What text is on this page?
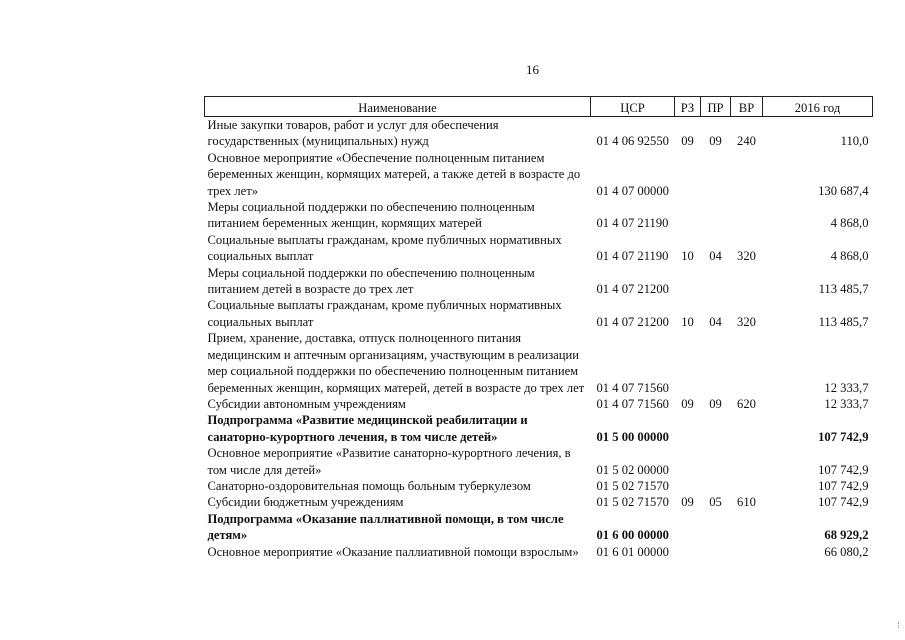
16
Наименование	ЦСР	РЗ	ПР	ВР	2016 год
Иные закупки товаров, работ и услуг для обеспечения государственных (муниципальных) нужд	01 4 06 92550	09	09	240	110,0
Основное мероприятие «Обеспечение полноценным питанием беременных женщин, кормящих матерей, а также детей в возрасте до трех лет»	01 4 07 00000				130 687,4
Меры социальной поддержки по обеспечению полноценным питанием беременных женщин, кормящих матерей	01 4 07 21190				4 868,0
Социальные выплаты гражданам, кроме публичных нормативных социальных выплат	01 4 07 21190	10	04	320	4 868,0
Меры социальной поддержки по обеспечению полноценным питанием детей в возрасте до трех лет	01 4 07 21200				113 485,7
Социальные выплаты гражданам, кроме публичных нормативных социальных выплат	01 4 07 21200	10	04	320	113 485,7
Прием, хранение, доставка, отпуск полноценного питания медицинским и аптечным организациям, участвующим в реализации мер социальной поддержки по обеспечению полноценным питанием беременных женщин, кормящих матерей, детей в возрасте до трех лет	01 4 07 71560				12 333,7
Субсидии автономным учреждениям	01 4 07 71560	09	09	620	12 333,7
Подпрограмма «Развитие медицинской реабилитации и санаторно-курортного лечения, в том числе детей»	01 5 00 00000				107 742,9
Основное мероприятие «Развитие санаторно-курортного лечения, в том числе для детей»	01 5 02 00000				107 742,9
Санаторно-оздоровительная помощь больным туберкулезом	01 5 02 71570				107 742,9
Субсидии бюджетным учреждениям	01 5 02 71570	09	05	610	107 742,9
Подпрограмма «Оказание паллиативной помощи, в том числе детям»	01 6 00 00000				68 929,2
Основное мероприятие «Оказание паллиативной помощи взрослым»	01 6 01 00000				66 080,2
